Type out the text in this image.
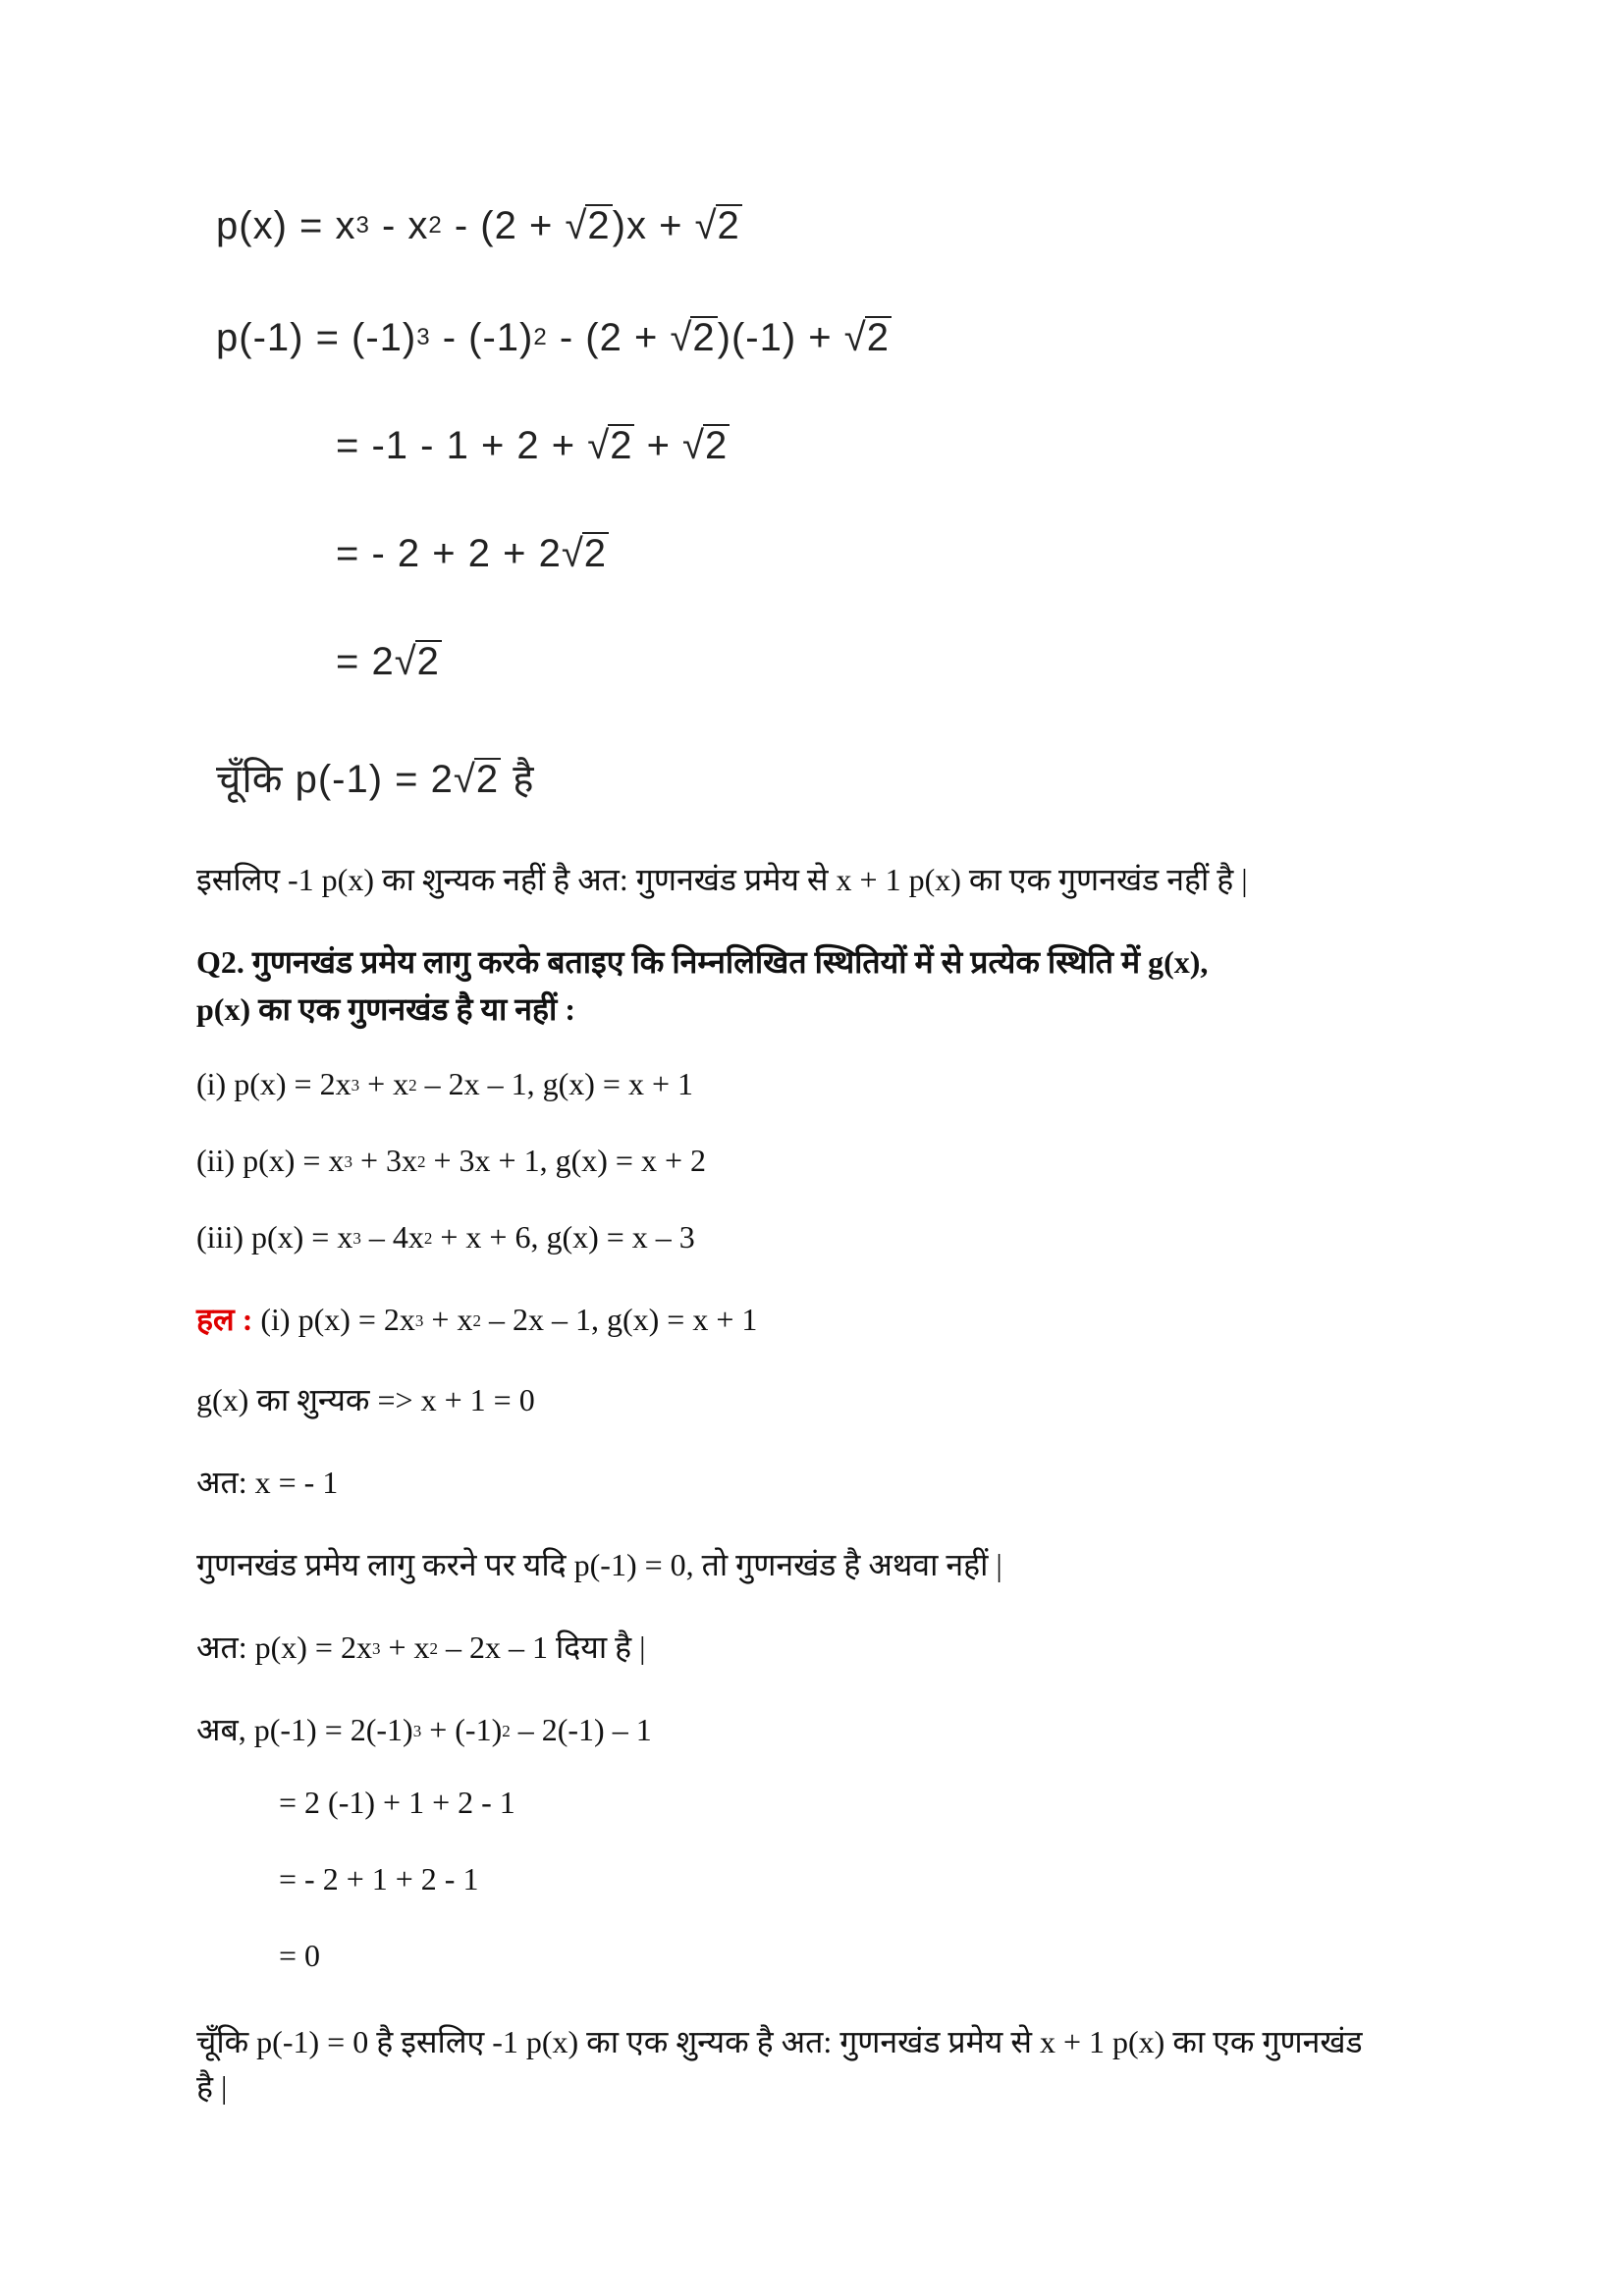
$p(x) = x^3 - x^2 - (2 + √2)x + √2$
$p(-1) = (-1)^3 - (-1)^2 - (2 + √2)(-1) + √2$
= -1 - 1 + 2 + √2 + √2
= - 2 + 2 + 2√2
= 2√2
चूँकि p(-1) = 2√2 है
इसलिए -1 p(x) का शुन्यक नहीं है अत: गुणनखंड प्रमेय से x + 1 p(x) का एक गुणनखंड नहीं है |
Q2. गुणनखंड प्रमेय लागु करके बताइए कि निम्नलिखित स्थितियों में से प्रत्येक स्थिति में g(x),
p(x) का एक गुणनखंड है या नहीं :
(i) $p(x) = 2x^3 + x^2 - 2x - 1$, g(x) = x + 1
(ii) $p(x) = x^3 + 3x^2 + 3x + 1$, g(x) = x + 2
(iii) $p(x) = x^3 - 4x^2 + x + 6$, g(x) = x – 3
हल : (i) $p(x) = 2x^3 + x^2 - 2x - 1$, g(x) = x + 1
g(x) का शुन्यक => x + 1 = 0
अत: x = - 1
गुणनखंड प्रमेय लागु करने पर यदि p(-1) = 0, तो गुणनखंड है अथवा नहीं |
अत: $p(x) = 2x^3 + x^2 - 2x - 1$ दिया है |
अब, $p(-1) = 2(-1)^3 + (-1)^2 - 2(-1) - 1$
= 2 (-1) + 1 + 2 - 1
= - 2 + 1 + 2 - 1
= 0
चूँकि p(-1) = 0 है इसलिए -1 p(x) का एक शुन्यक है अत: गुणनखंड प्रमेय से x + 1 p(x) का एक गुणनखंड
है |
